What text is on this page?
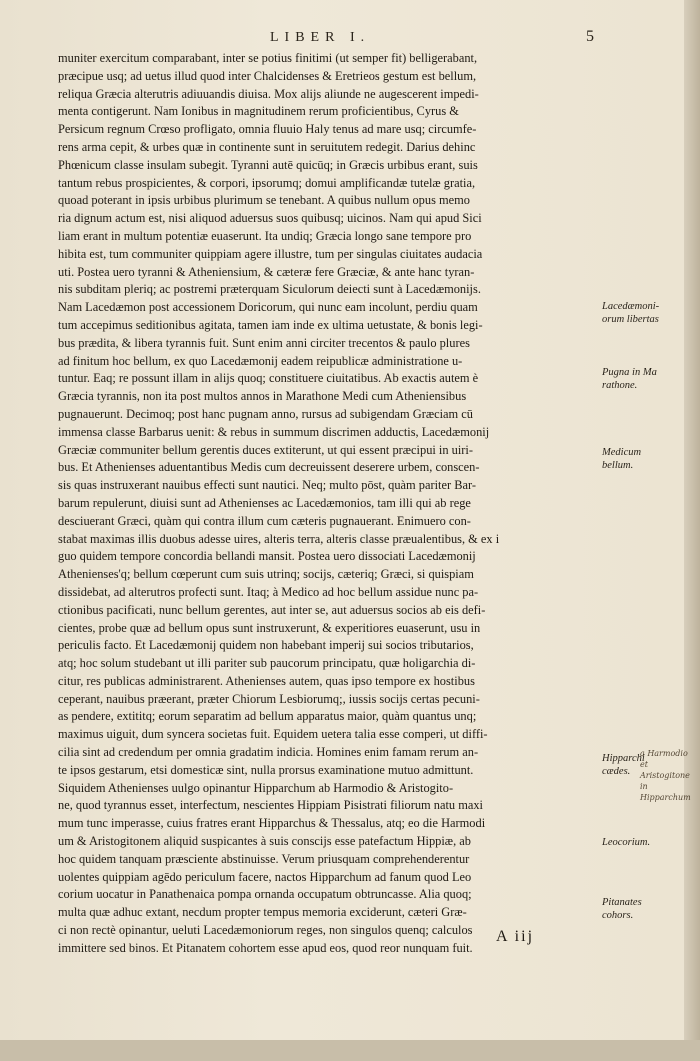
LIBER I.	5
muniter exercitum comparabant, inter se potius finitimi (ut semper fit) belligerabant,
præcipue usq; ad uetus illud quod inter Chalcidenses & Eretrieos gestum est bellum,
reliqua Græcia alterutris adiuuandis diuisa. Mox alijs aliunde ne augescerent impedi-
menta contigerunt. Nam Ionibus in magnitudinem rerum proficientibus, Cyrus &
Persicum regnum Crœso profligato, omnia fluuio Haly tenus ad mare usq; circumfe-
rens arma cepit, & urbes quæ in continente sunt in seruitutem redegit. Darius dehinc
Phœnicum classe insulam subegit. Tyranni autē quicūq; in Græcis urbibus erant, suis
tantum rebus prospicientes, & corpori, ipsorumq; domui amplificandæ tutelæ gratia,
quoad poterant in ipsis urbibus plurimum se tenebant. A quibus nullum opus memo
ria dignum actum est, nisi aliquod aduersus suos quibusq; uicinos. Nam qui apud Sici
liam erant in multum potentiæ euaserunt. Ita undiq; Græcia longo sane tempore pro
hibita est, tum communiter quippiam agere illustre, tum per singulas ciuitates audacia
uti. Postea uero tyranni & Atheniensium, & cæteræ fere Græciæ, & ante hanc tyran-
nis subditam pleriq; ac postremi præterquam Siculorum deiecti sunt à Lacedæmonijs.
Nam Lacedæmon post accessionem Doricorum, qui nunc eam incolunt, perdiu quam
tum accepimus seditionibus agitata, tamen iam inde ex ultima uetustate, & bonis legi-
bus prædita, & libera tyrannis fuit. Sunt enim anni circiter trecentos & paulo plures
ad finitum hoc bellum, ex quo Lacedæmonij eadem reipublicæ administratione u-
tuntur. Eaq; re possunt illam in alijs quoq; constituere ciuitatibus. Ab exactis autem è
Græcia tyrannis, non ita post multos annos in Marathone Medi cum Atheniensibus
pugnauerunt. Decimoq; post hanc pugnam anno, rursus ad subigendam Græciam cū
immensa classe Barbarus uenit: & rebus in summum discrimen adductis, Lacedæmonij
Græciæ communiter bellum gerentis duces extiterunt, ut qui essent præcipui in uiri-
bus. Et Athenienses aduentantibus Medis cum decreuissent deserere urbem, conscen-
sis quas instruxerant nauibus effecti sunt nautici. Neq; multo pōst, quàm pariter Bar-
barum repulerunt, diuisi sunt ad Athenienses ac Lacedæmonios, tam illi qui ab rege
desciuerant Græci, quàm qui contra illum cum cæteris pugnauerant. Enimuero con-
stabat maximas illis duobus adesse uires, alteris terra, alteris classe præualentibus, & ex i
guo quidem tempore concordia bellandi mansit. Postea uero dissociati Lacedæmonij
Athenienses'q; bellum cœperunt cum suis utrinq; socijs, cæteriq; Græci, si quispiam
dissidebat, ad alterutros profecti sunt. Itaq; à Medico ad hoc bellum assidue nunc pa-
ctionibus pacificati, nunc bellum gerentes, aut inter se, aut aduersus socios ab eis defi-
cientes, probe quæ ad bellum opus sunt instruxerunt, & experitiores euaserunt, usu in
periculis facto. Et Lacedæmonij quidem non habebant imperij sui socios tributarios,
atq; hoc solum studebant ut illi pariter sub paucorum principatu, quæ holigarchia di-
citur, res publicas administrarent. Athenienses autem, quas ipso tempore ex hostibus
ceperant, nauibus præerant, præter Chiorum Lesbiorumq;, iussis socijs certas pecuni-
as pendere, extititq; eorum separatim ad bellum apparatus maior, quàm quantus unq;
maximus uiguit, dum syncera societas fuit. Equidem uetera talia esse comperi, ut diffi-
cilia sint ad credendum per omnia gradatim indicia. Homines enim famam rerum an-
te ipsos gestarum, etsi domesticæ sint, nulla prorsus examinatione mutuo admittunt.
Siquidem Athenienses uulgo opinantur Hipparchum ab Harmodio & Aristogito-
ne, quod tyrannus esset, interfectum, nescientes Hippiam Pisistrati filiorum natu maxi
mum tunc imperasse, cuius fratres erant Hipparchus & Thessalus, atq; eo die Harmodi
um & Aristogitonem aliquid suspicantes à suis conscijs esse patefactum Hippiæ, ab
hoc quidem tanquam præsciente abstinuisse. Verum priusquam comprehenderentur
uolentes quippiam agēdo periculum facere, nactos Hipparchum ad fanum quod Leo
corium uocatur in Panathenaica pompa ornanda occupatum obtruncasse. Alia quoq;
multa quæ adhuc extant, necdum propter tempus memoria exciderunt, cæteri Græ-
ci non rectè opinantur, ueluti Lacedæmoniorum reges, non singulos quenq; calculos
immittere sed binos. Et Pitanatem cohortem esse apud eos, quod reor nunquam fuit.
Lacedæmoni-
orum libertas
Pugna in Ma
rathone.
Medicum
bellum.
Hipparchi
cædes.
Leocorium.
Pitanates
cohors.
A iij
a Harmodio et Aristogitone in Hipparchum
